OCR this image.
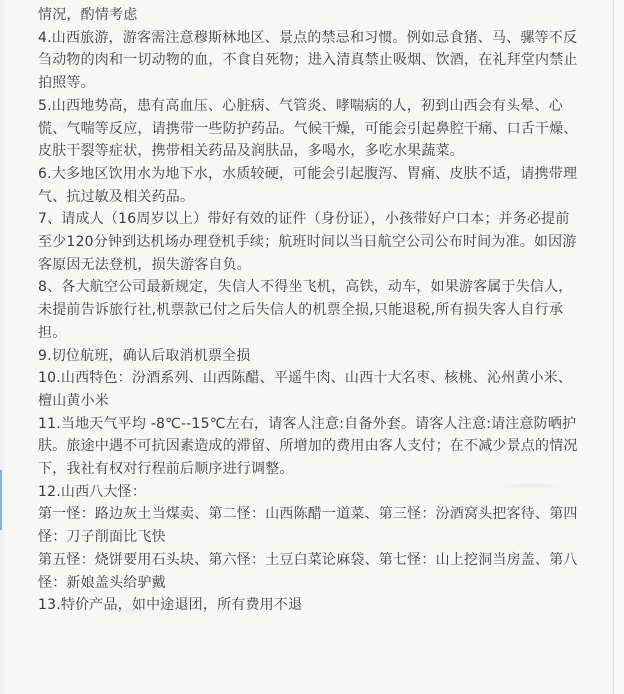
情况，酌情考虑
4.山西旅游，游客需注意穆斯林地区、景点的禁忌和习惯。例如忌食猪、马、骡等不反
刍动物的肉和一切动物的血，不食自死物；进入清真禁止吸烟、饮酒，在礼拜堂内禁止
拍照等。
5.山西地势高，患有高血压、心脏病、气管炎、哮喘病的人，初到山西会有头晕、心
慌、气喘等反应，请携带一些防护药品。气候干燥，可能会引起鼻腔干痛、口舌干燥、
皮肤干裂等症状，携带相关药品及润肤品，多喝水，多吃水果蔬菜。
6.大多地区饮用水为地下水，水质较硬，可能会引起腹泻、胃痛、皮肤不适，请携带理
气、抗过敏及相关药品。
7、请成人（16周岁以上）带好有效的证件（身份证），小孩带好户口本；并务必提前
至少120分钟到达机场办理登机手续；航班时间以当日航空公司公布时间为准。如因游
客原因无法登机，损失游客自负。
8、各大航空公司最新规定，失信人不得坐飞机，高铁，动车，如果游客属于失信人，
未提前告诉旅行社,机票款已付之后失信人的机票全损,只能退税,所有损失客人自行承
担。
9.切位航班，确认后取消机票全损
10.山西特色：汾酒系列、山西陈醋、平遥牛肉、山西十大名枣、核桃、沁州黄小米、
檀山黄小米
11.当地天气平均 -8℃--15℃左右，请客人注意:自备外套。请客人注意:请注意防晒护
肤。旅途中遇不可抗因素造成的滞留、所增加的费用由客人支付；在不减少景点的情况
下，我社有权对行程前后顺序进行调整。
12.山西八大怪：
第一怪：路边灰土当煤卖、第二怪：山西陈醋一道菜、第三怪：汾酒窝头把客待、第四
怪：刀子削面比飞快
第五怪：烧饼要用石头块、第六怪：土豆白菜论麻袋、第七怪：山上挖洞当房盖、第八
怪：新娘盖头给驴戴
13.特价产品，如中途退团，所有费用不退
